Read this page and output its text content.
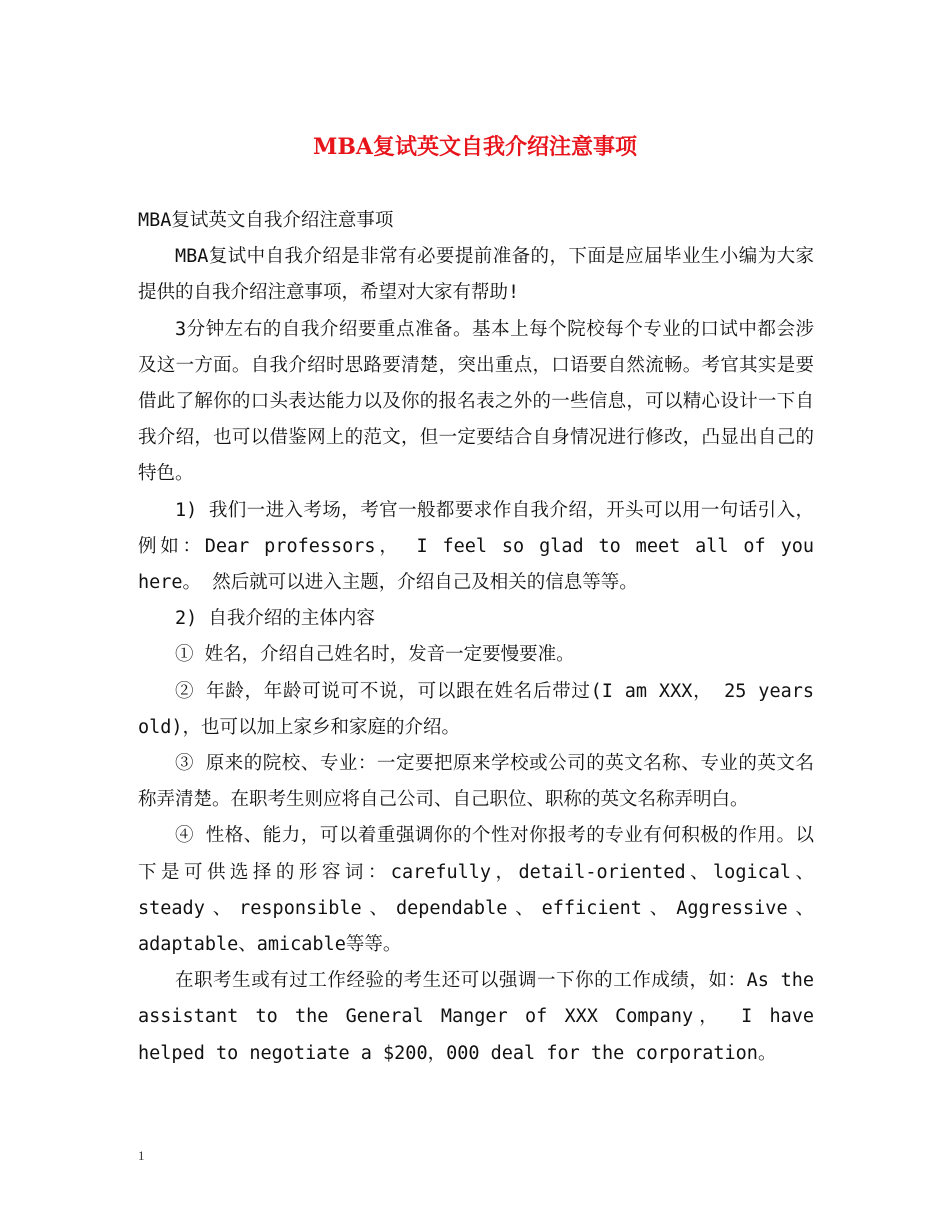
MBA复试英文自我介绍注意事项

MBA复试英文自我介绍注意事项

MBA复试中自我介绍是非常有必要提前准备的，下面是应届毕业生小编为大家提供的自我介绍注意事项，希望对大家有帮助!

3分钟左右的自我介绍要重点准备。基本上每个院校每个专业的口试中都会涉及这一方面。自我介绍时思路要清楚，突出重点，口语要自然流畅。考官其实是要借此了解你的口头表达能力以及你的报名表之外的一些信息，可以精心设计一下自我介绍，也可以借鉴网上的范文，但一定要结合自身情况进行修改，凸显出自己的特色。

1) 我们一进入考场，考官一般都要求作自我介绍，开头可以用一句话引入，例如：Dear professors， I feel so glad to meet all of you here。 然后就可以进入主题，介绍自己及相关的信息等等。

2) 自我介绍的主体内容

① 姓名，介绍自己姓名时，发音一定要慢要准。

② 年龄，年龄可说可不说，可以跟在姓名后带过(I am XXX， 25 years old)，也可以加上家乡和家庭的介绍。

③ 原来的院校、专业：一定要把原来学校或公司的英文名称、专业的英文名称弄清楚。在职考生则应将自己公司、自己职位、职称的英文名称弄明白。

④ 性格、能力，可以着重强调你的个性对你报考的专业有何积极的作用。以下是可供选择的形容词：carefully，detail-oriented、logical、steady、responsible、dependable、efficient、Aggressive、adaptable、amicable等等。

在职考生或有过工作经验的考生还可以强调一下你的工作成绩，如：As the assistant to the General Manger of XXX Company， I have helped to negotiate a $200，000 deal for the corporation。

1
